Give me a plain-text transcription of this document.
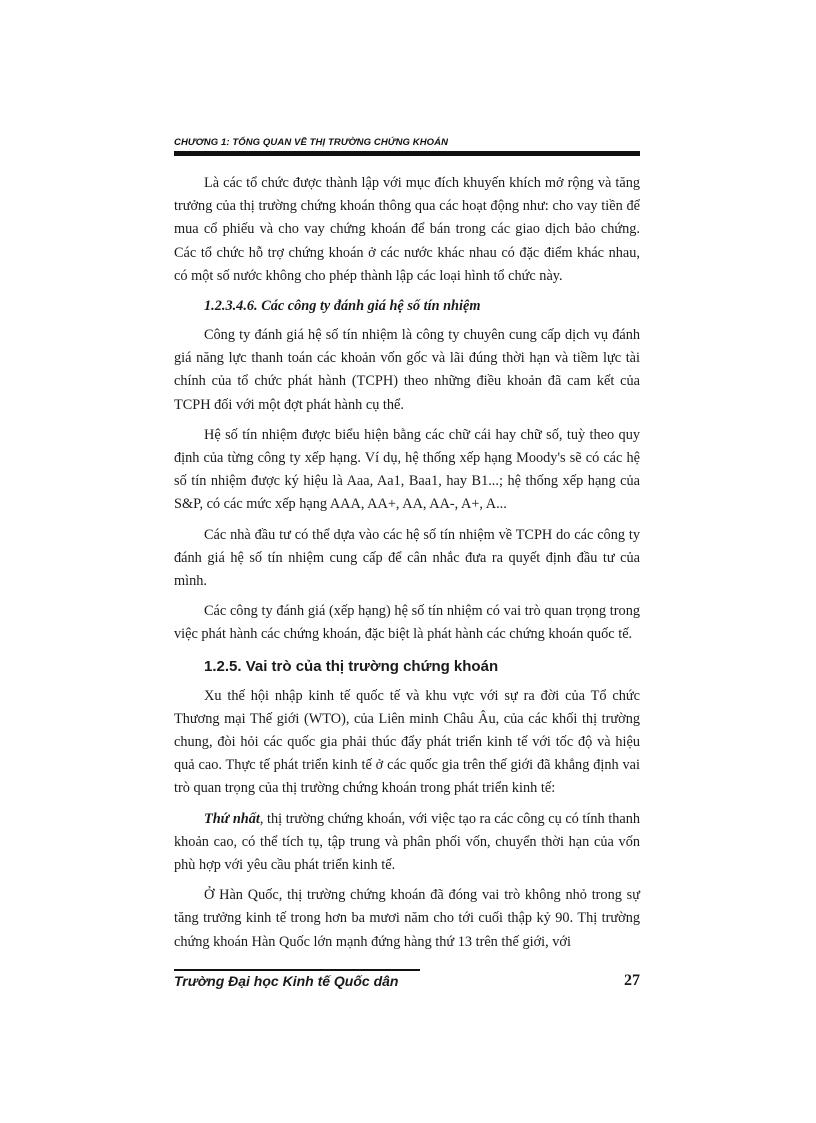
CHƯƠNG 1: TỔNG QUAN VỀ THỊ TRƯỜNG CHỨNG KHOÁN

Là các tổ chức được thành lập với mục đích khuyến khích mở rộng và tăng trưởng của thị trường chứng khoán thông qua các hoạt động như: cho vay tiền để mua cổ phiếu và cho vay chứng khoán để bán trong các giao dịch bảo chứng. Các tổ chức hỗ trợ chứng khoán ở các nước khác nhau có đặc điểm khác nhau, có một số nước không cho phép thành lập các loại hình tổ chức này.

1.2.3.4.6. Các công ty đánh giá hệ số tín nhiệm

Công ty đánh giá hệ số tín nhiệm là công ty chuyên cung cấp dịch vụ đánh giá năng lực thanh toán các khoản vốn gốc và lãi đúng thời hạn và tiềm lực tài chính của tổ chức phát hành (TCPH) theo những điều khoản đã cam kết của TCPH đối với một đợt phát hành cụ thể.

Hệ số tín nhiệm được biểu hiện bằng các chữ cái hay chữ số, tuỳ theo quy định của từng công ty xếp hạng. Ví dụ, hệ thống xếp hạng Moody's sẽ có các hệ số tín nhiệm được ký hiệu là Aaa, Aa1, Baa1, hay B1...; hệ thống xếp hạng của S&P, có các mức xếp hạng AAA, AA+, AA, AA-, A+, A...

Các nhà đầu tư có thể dựa vào các hệ số tín nhiệm về TCPH do các công ty đánh giá hệ số tín nhiệm cung cấp để cân nhắc đưa ra quyết định đầu tư của mình.

Các công ty đánh giá (xếp hạng) hệ số tín nhiệm có vai trò quan trọng trong việc phát hành các chứng khoán, đặc biệt là phát hành các chứng khoán quốc tế.

1.2.5. Vai trò của thị trường chứng khoán

Xu thế hội nhập kinh tế quốc tế và khu vực với sự ra đời của Tổ chức Thương mại Thế giới (WTO), của Liên minh Châu Âu, của các khối thị trường chung, đòi hỏi các quốc gia phải thúc đẩy phát triển kinh tế với tốc độ và hiệu quả cao. Thực tế phát triển kinh tế ở các quốc gia trên thế giới đã khẳng định vai trò quan trọng của thị trường chứng khoán trong phát triển kinh tế:

Thứ nhất, thị trường chứng khoán, với việc tạo ra các công cụ có tính thanh khoản cao, có thể tích tụ, tập trung và phân phối vốn, chuyển thời hạn của vốn phù hợp với yêu cầu phát triển kinh tế.

Ở Hàn Quốc, thị trường chứng khoán đã đóng vai trò không nhỏ trong sự tăng trưởng kinh tế trong hơn ba mươi năm cho tới cuối thập kỷ 90. Thị trường chứng khoán Hàn Quốc lớn mạnh đứng hàng thứ 13 trên thế giới, với

Trường Đại học Kinh tế Quốc dân	27
